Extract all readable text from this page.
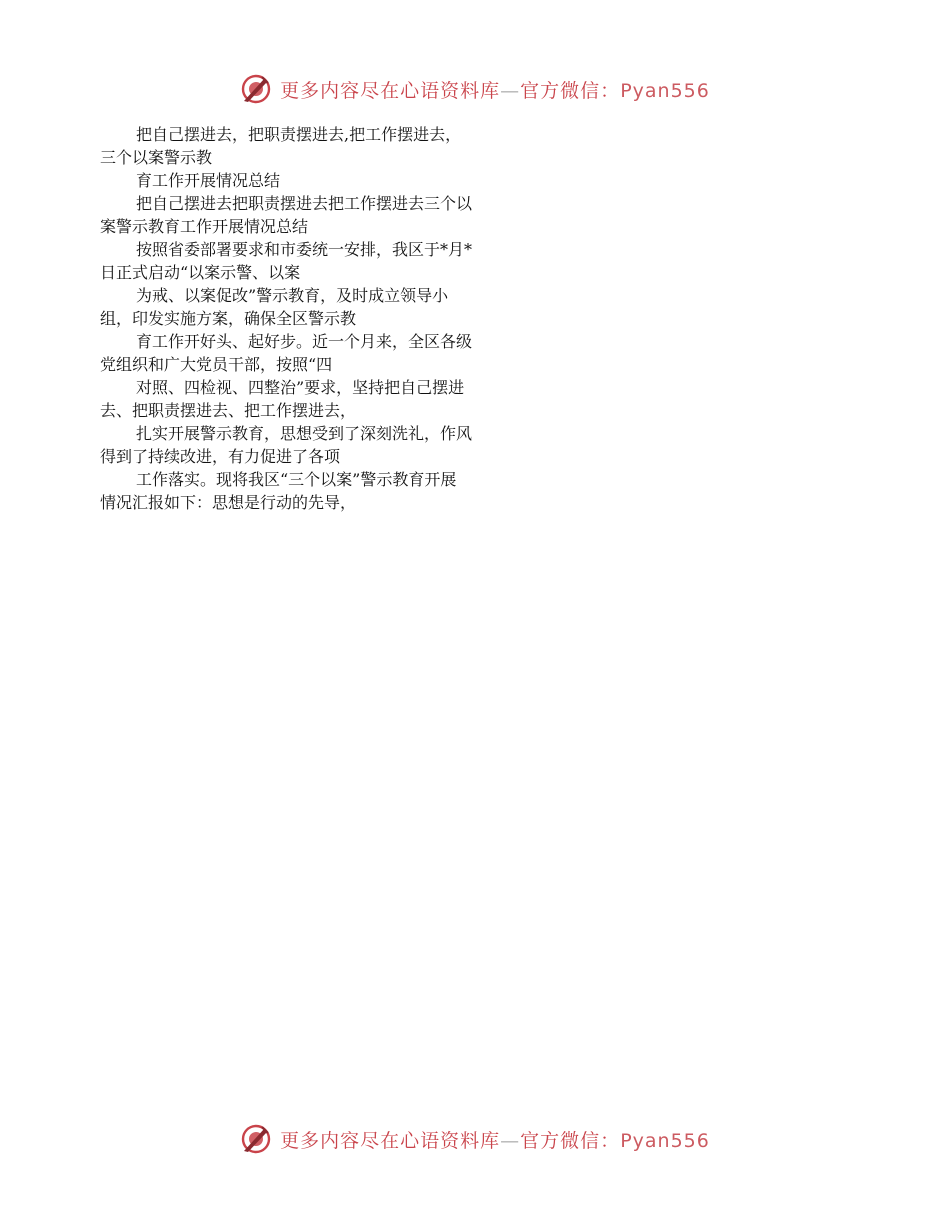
更多内容尽在心语资料库—官方微信：Pyan556
把自己摆进去，把职责摆进去,把工作摆进去，
三个以案警示教
育工作开展情况总结
把自己摆进去把职责摆进去把工作摆进去三个以
案警示教育工作开展情况总结
按照省委部署要求和市委统一安排，我区于*月*
日正式启动“以案示警、以案
为戒、以案促改”警示教育，及时成立领导小
组，印发实施方案，确保全区警示教
育工作开好头、起好步。近一个月来，全区各级
党组织和广大党员干部，按照“四
对照、四检视、四整治”要求，坚持把自己摆进
去、把职责摆进去、把工作摆进去，
扎实开展警示教育，思想受到了深刻洗礼，作风
得到了持续改进，有力促进了各项
工作落实。现将我区“三个以案”警示教育开展
情况汇报如下：思想是行动的先导，
更多内容尽在心语资料库—官方微信：Pyan556
